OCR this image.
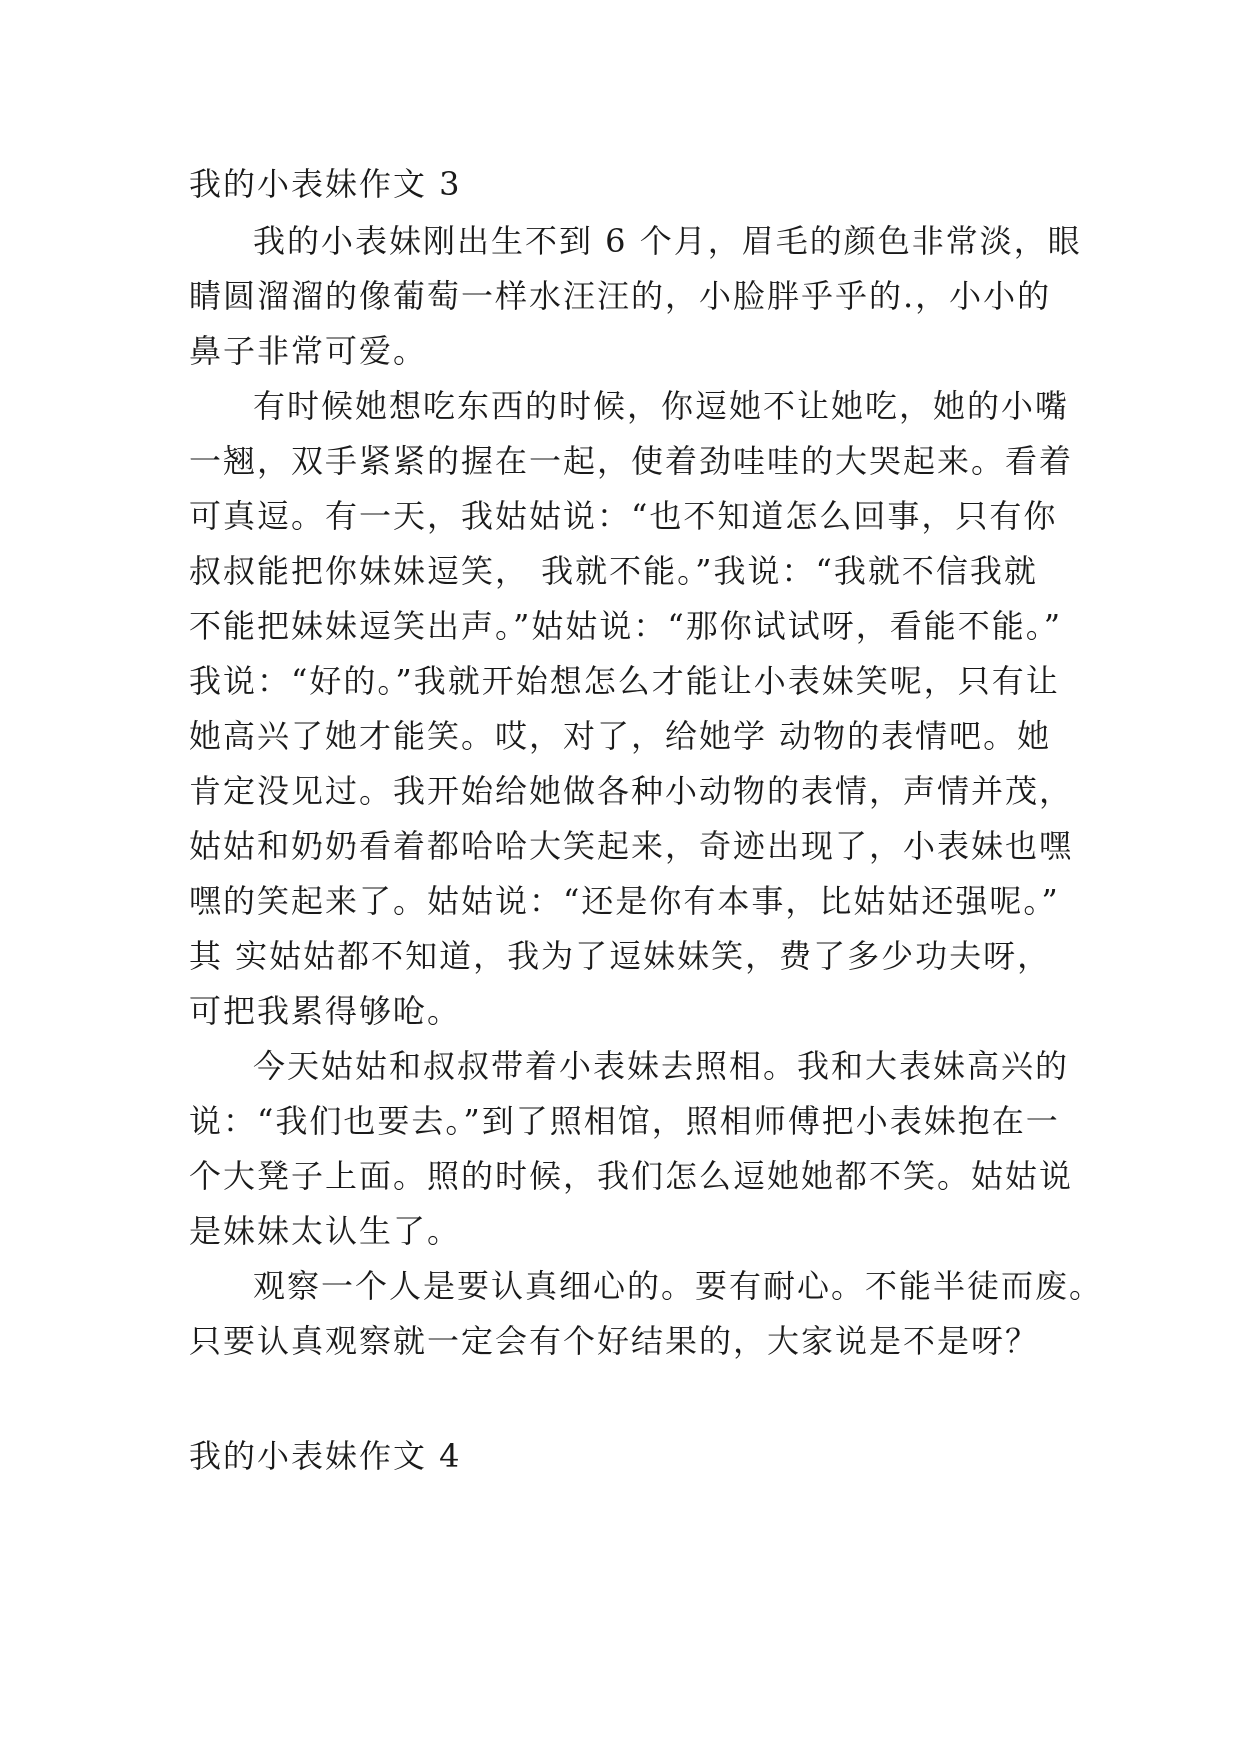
我的小表妹作文 3
我的小表妹刚出生不到 6 个月，眉毛的颜色非常淡，眼
睛圆溜溜的像葡萄一样水汪汪的，小脸胖乎乎的.，小小的
鼻子非常可爱。
有时候她想吃东西的时候，你逗她不让她吃，她的小嘴
一翘，双手紧紧的握在一起，使着劲哇哇的大哭起来。看着
可真逗。有一天，我姑姑说：“也不知道怎么回事，只有你
叔叔能把你妹妹逗笑， 我就不能。”我说：“我就不信我就
不能把妹妹逗笑出声。”姑姑说：“那你试试呀，看能不能。”
我说：“好的。”我就开始想怎么才能让小表妹笑呢，只有让
她高兴了她才能笑。哎，对了，给她学 动物的表情吧。她
肯定没见过。我开始给她做各种小动物的表情，声情并茂，
姑姑和奶奶看着都哈哈大笑起来，奇迹出现了，小表妹也嘿
嘿的笑起来了。姑姑说：“还是你有本事，比姑姑还强呢。”
其 实姑姑都不知道，我为了逗妹妹笑，费了多少功夫呀，
可把我累得够呛。
今天姑姑和叔叔带着小表妹去照相。我和大表妹高兴的
说：“我们也要去。”到了照相馆，照相师傅把小表妹抱在一
个大凳子上面。照的时候，我们怎么逗她她都不笑。姑姑说
是妹妹太认生了。
观察一个人是要认真细心的。要有耐心。不能半徒而废。
只要认真观察就一定会有个好结果的，大家说是不是呀？
我的小表妹作文 4
